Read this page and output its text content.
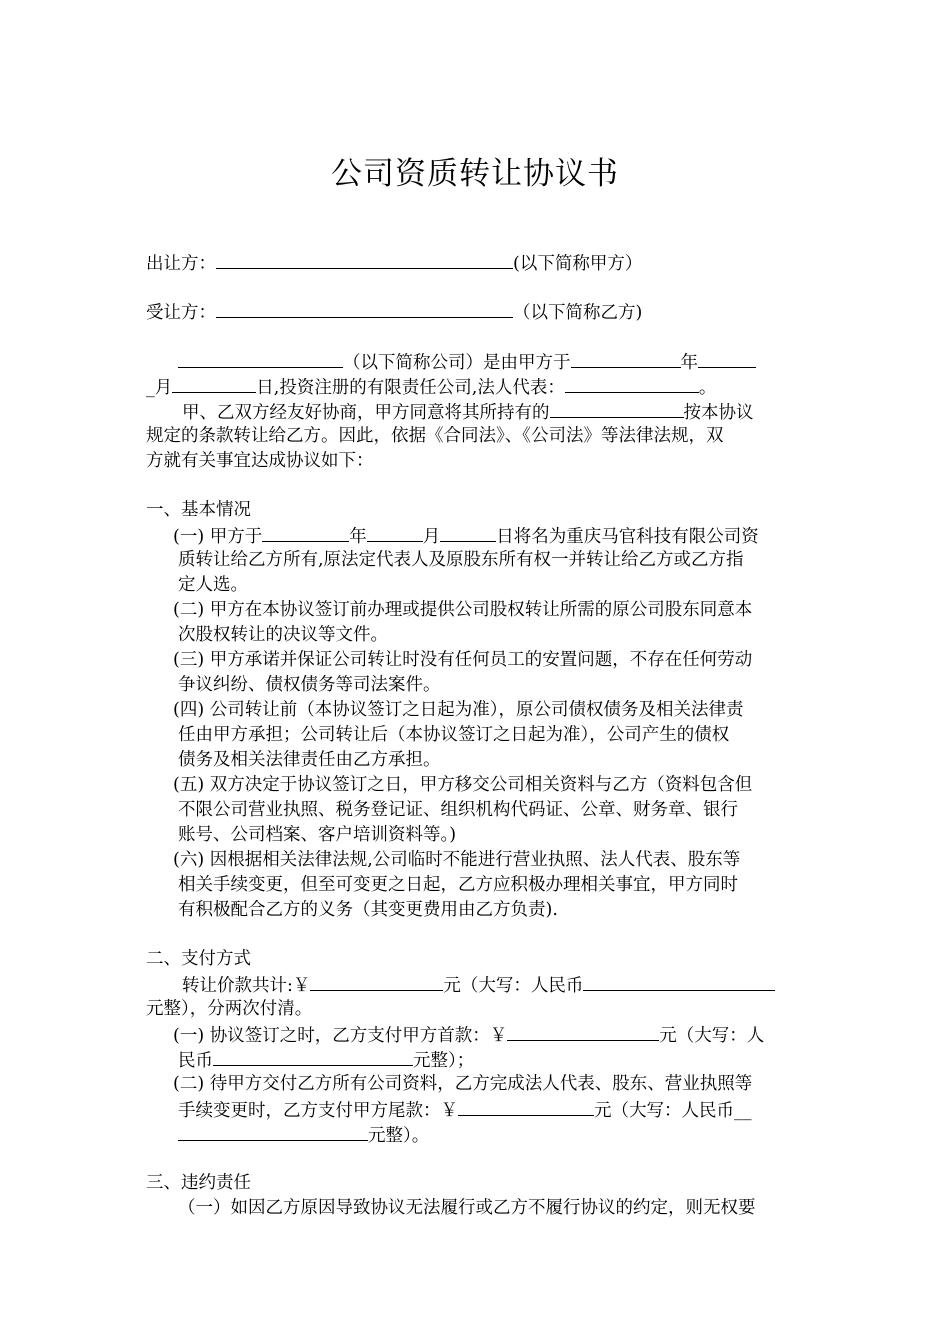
公司资质转让协议书
出让方：	(以下简称甲方）
受让方：	（以下简称乙方)
（以下简称公司）是由甲方于	年
_月	日,投资注册的有限责任公司,法人代表：	。
甲、乙双方经友好协商，甲方同意将其所持有的	按本协议
规定的条款转让给乙方。因此，依据《合同法》、《公司法》等法律法规，双
方就有关事宜达成协议如下：
一、基本情况
(一) 甲方于	年	月	日将名为重庆马官科技有限公司资
质转让给乙方所有,原法定代表人及原股东所有权一并转让给乙方或乙方指
定人选。
(二) 甲方在本协议签订前办理或提供公司股权转让所需的原公司股东同意本
次股权转让的决议等文件。
(三) 甲方承诺并保证公司转让时没有任何员工的安置问题，不存在任何劳动
争议纠纷、债权债务等司法案件。
(四) 公司转让前（本协议签订之日起为准），原公司债权债务及相关法律责
任由甲方承担；公司转让后（本协议签订之日起为准），公司产生的债权
债务及相关法律责任由乙方承担。
(五) 双方决定于协议签订之日，甲方移交公司相关资料与乙方（资料包含但
不限公司营业执照、税务登记证、组织机构代码证、公章、财务章、银行
账号、公司档案、客户培训资料等。)
(六) 因根据相关法律法规,公司临时不能进行营业执照、法人代表、股东等
相关手续变更，但至可变更之日起，乙方应积极办理相关事宜，甲方同时
有积极配合乙方的义务（其变更费用由乙方负责).
二、支付方式
转让价款共计:￥	元（大写：人民币
元整），分两次付清。
(一) 协议签订之时，乙方支付甲方首款：￥	元（大写：人
民币	元整）；
(二) 待甲方交付乙方所有公司资料，乙方完成法人代表、股东、营业执照等
手续变更时，乙方支付甲方尾款：￥	元（大写：人民币__
元整）。
三、违约责任
（一）如因乙方原因导致协议无法履行或乙方不履行协议的约定，则无权要
